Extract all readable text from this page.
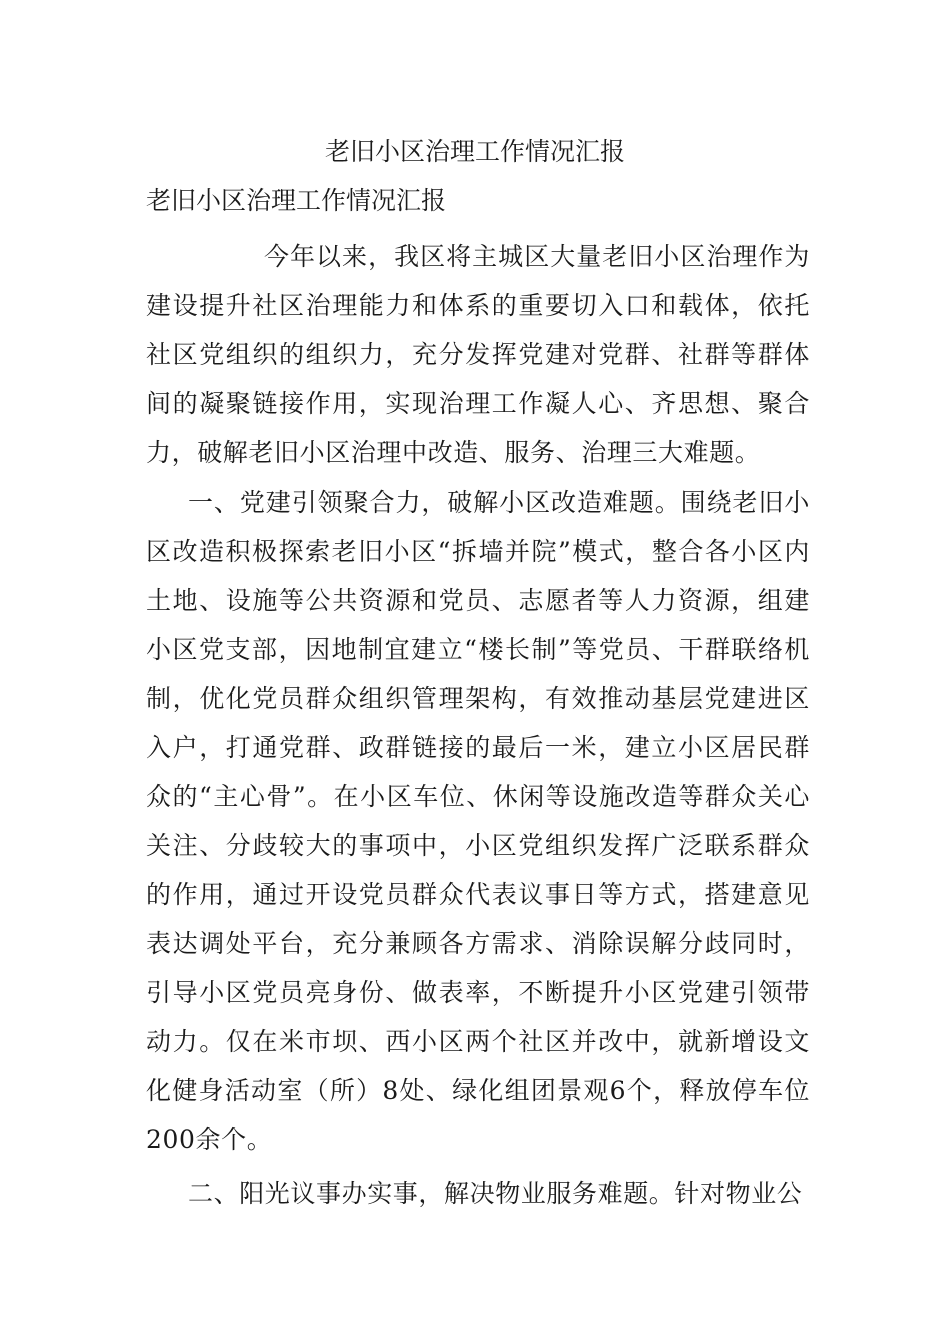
老旧小区治理工作情况汇报
老旧小区治理工作情况汇报

今年以来，我区将主城区大量老旧小区治理作为建设提升社区治理能力和体系的重要切入口和载体，依托社区党组织的组织力，充分发挥党建对党群、社群等群体间的凝聚链接作用，实现治理工作凝人心、齐思想、聚合力，破解老旧小区治理中改造、服务、治理三大难题。

一、党建引领聚合力，破解小区改造难题。围绕老旧小区改造积极探索老旧小区“拆墙并院”模式，整合各小区内土地、设施等公共资源和党员、志愿者等人力资源，组建小区党支部，因地制宜建立“楼长制”等党员、干群联络机制，优化党员群众组织管理架构，有效推动基层党建进区入户，打通党群、政群链接的最后一米，建立小区居民群众的“主心骨”。在小区车位、休闲等设施改造等群众关心关注、分歧较大的事项中，小区党组织发挥广泛联系群众的作用，通过开设党员群众代表议事日等方式，搭建意见表达调处平台，充分兼顾各方需求、消除误解分歧同时，引导小区党员亮身份、做表率，不断提升小区党建引领带动力。仅在米市坝、西小区两个社区并改中，就新增设文化健身活动室（所）8处、绿化组团景观6个，释放停车位200余个。

二、阳光议事办实事，解决物业服务难题。针对物业公
